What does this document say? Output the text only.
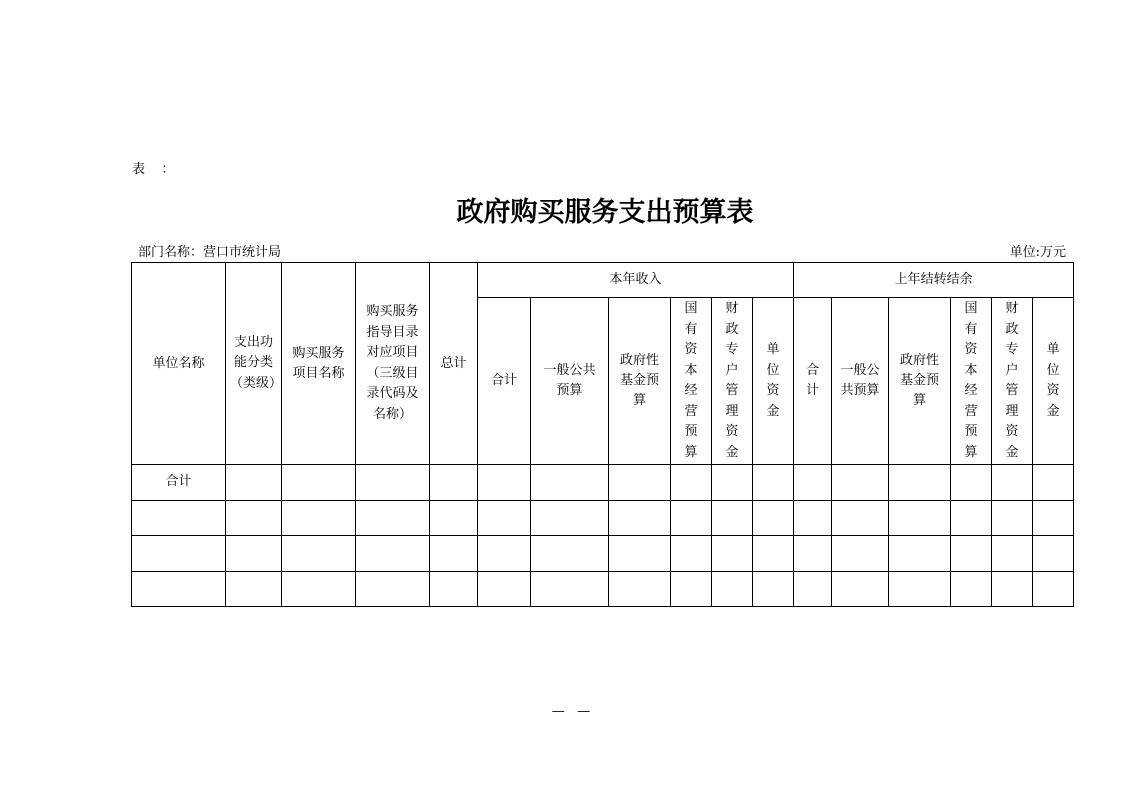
表    ：
政府购买服务支出预算表
部门名称：营口市统计局	单位:万元
单位名称	支出功能分类（类级）	购买服务项目名称	购买服务指导目录对应项目（三级目录代码及名称）	总计	本年收入						上年结转结余						
					合计	一般公共预算	政府性基金预算	国有资本经营预算	财政专户管理资金	单位资金	合计	一般公共预算	政府性基金预算	国有资本经营预算	财政专户管理资金	单位资金	
合计																	

—   —
